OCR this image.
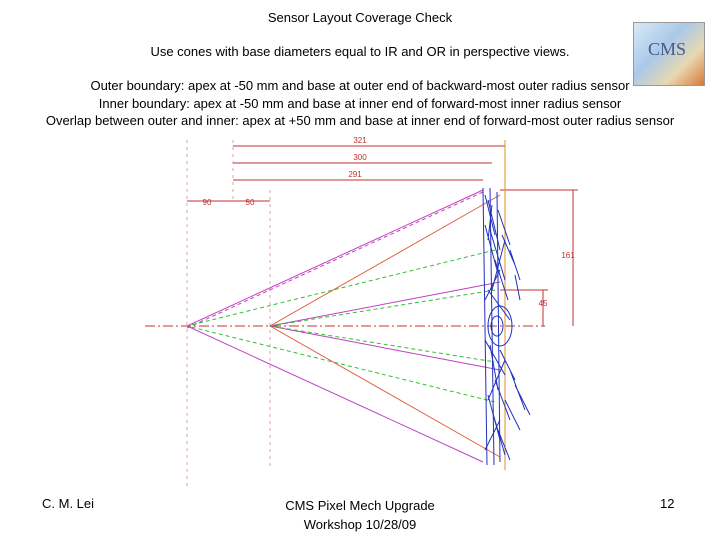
Sensor Layout Coverage Check
Use cones with base diameters equal to IR and OR in perspective views.
Outer boundary: apex at -50 mm and base at outer end of backward-most outer radius sensor
Inner boundary: apex at -50 mm and base at inner end of forward-most inner radius sensor
Overlap between outer and inner: apex at +50 mm and base at inner end of forward-most outer radius sensor
CMS
321
300
291
90	50
161
45
C. M. Lei	CMS Pixel Mech Upgrade
Workshop 10/28/09
12
